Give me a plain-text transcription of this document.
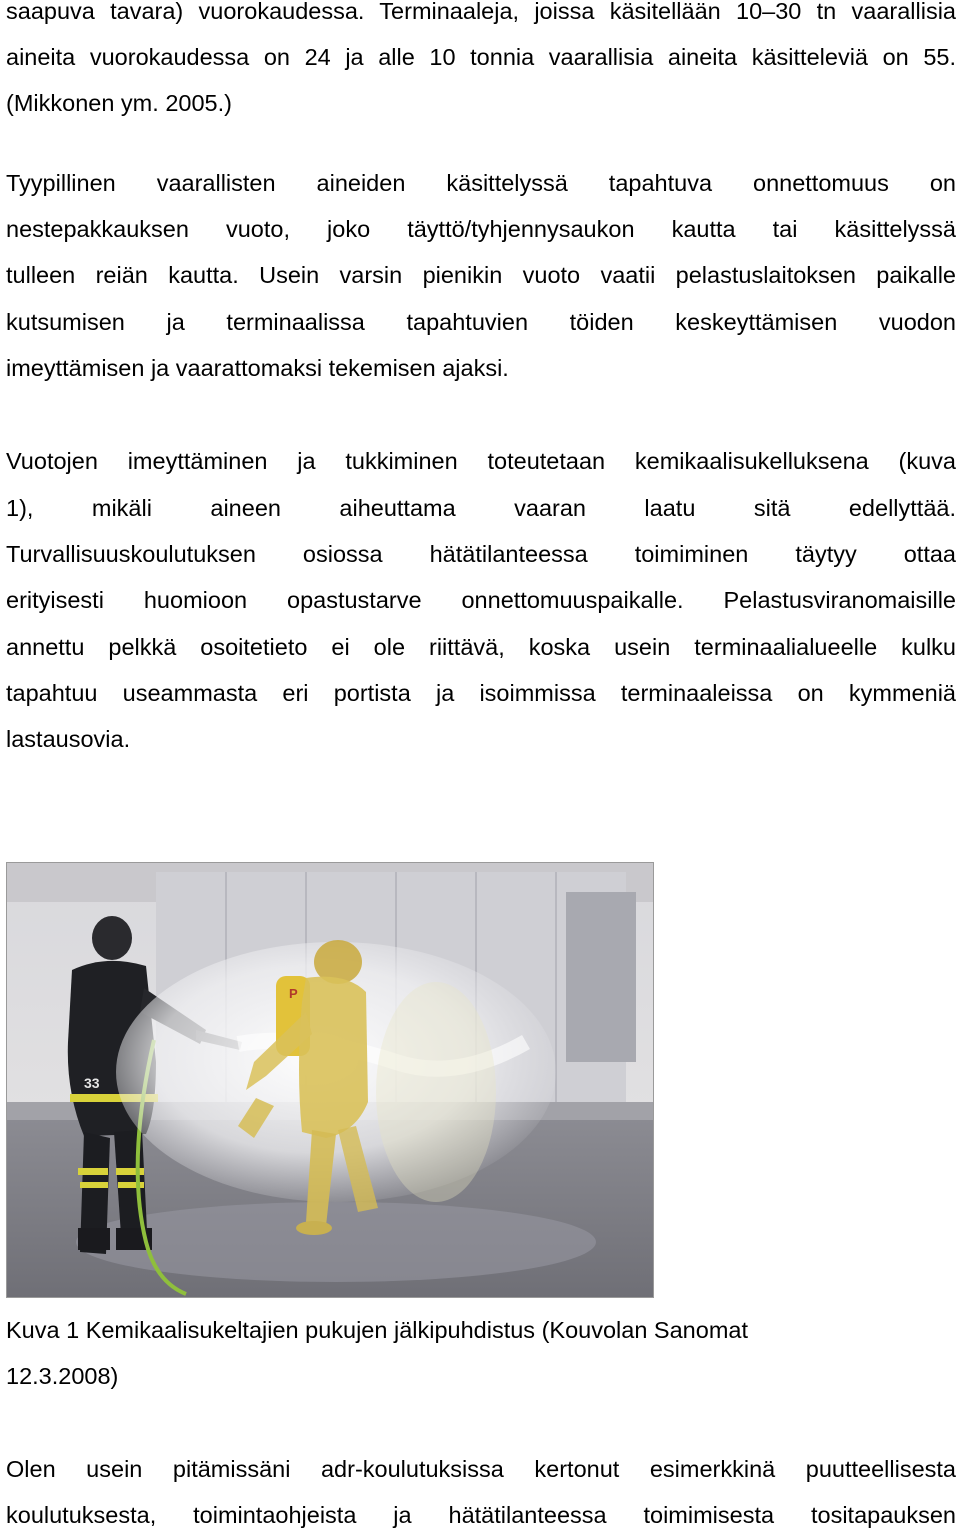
saapuva tavara) vuorokaudessa. Terminaaleja, joissa käsitellään 10–30 tn vaarallisia
aineita vuorokaudessa on 24 ja alle 10 tonnia vaarallisia aineita käsitteleviä on 55.
(Mikkonen ym. 2005.)
Tyypillinen vaarallisten aineiden käsittelyssä tapahtuva onnettomuus on
nestepakkauksen vuoto, joko täyttö/tyhjennysaukon kautta tai käsittelyssä
tulleen reiän kautta. Usein varsin pienikin vuoto vaatii pelastuslaitoksen paikalle
kutsumisen ja terminaalissa tapahtuvien töiden keskeyttämisen vuodon
imeyttämisen ja vaarattomaksi tekemisen ajaksi.
Vuotojen imeyttäminen ja tukkiminen toteutetaan kemikaalisukelluksena (kuva
1), mikäli aineen aiheuttama vaaran laatu sitä edellyttää.
Turvallisuuskoulutuksen osiossa hätätilanteessa toimiminen täytyy ottaa
erityisesti huomioon opastustarve onnettomuuspaikalle. Pelastusviranomaisille
annettu pelkkä osoitetieto ei ole riittävä, koska usein terminaalialueelle kulku
tapahtuu useammasta eri portista ja isoimmissa terminaaleissa on kymmeniä
lastausovia.
33
P
Kuva 1 Kemikaalisukeltajien pukujen jälkipuhdistus (Kouvolan Sanomat
12.3.2008)
Olen usein pitämissäni adr-koulutuksissa kertonut esimerkkinä puutteellisesta
koulutuksesta, toimintaohjeista ja hätätilanteessa toimimisesta tositapauksen
